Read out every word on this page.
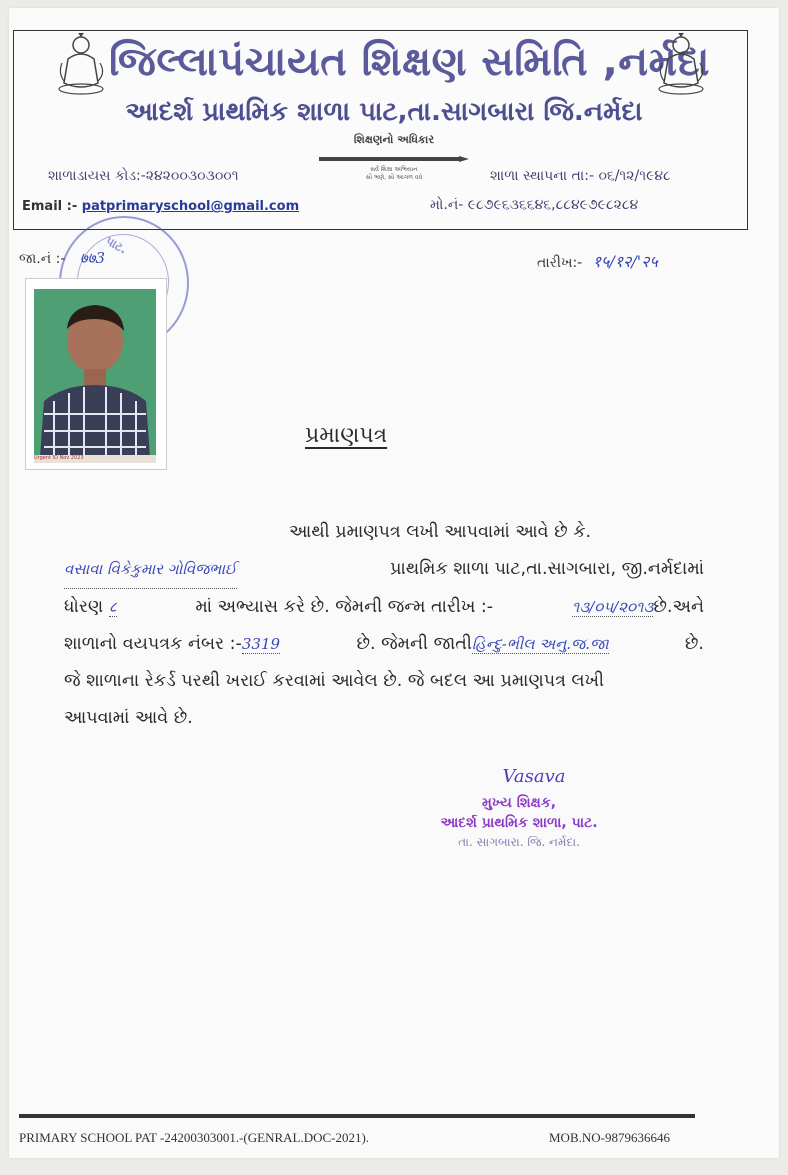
જિલ્લાપંચાયત શિક્ષણ સમિતિ ,નર્મદા
આદર્શ પ્રાથમિક શાળા પાટ,તા.સાગબારા જિ.નર્મદા
શિક્ષણનો અધિકાર
સર્વ શિક્ષા અભિયાન
સૌ ભણે, સૌ આગળ વધે
શાળાડાયસ કોડ:-૨૪૨૦૦૩૦૩૦૦૧	શાળા સ્થાપના તા:- ૦૬/૧૨/૧૯૪૮
Email :- patprimaryschool@gmail.com	મો.નં- ૯૮૭૯૬૩૬૬૪૬,૮૮૪૯૭૯૮૨૮૪
પાટ.
જા.નં :- ७७3	તારીખ:- १५/१२/'२५
Urgent ID Nov 2023
પ્રમાણપત્ર
આથી પ્રમાણપત્ર લખી આપવામાં આવે છે કે.
વસાવા વિકેકુમાર ગોવિજભાઈ	પ્રાથમિક શાળા પાટ,તા.સાગબારા, જી.નર્મદામાં
ધોરણ ८	માં અભ્યાસ કરે છે. જેમની જન્મ તારીખ :-	૧૩/૦૫/૨૦૧૩છે.અને
શાળાનો વયપત્રક નંબર :-3319	છે. જેમની જાતીહિન્દુ-ભીલ અનુ.જ.જા	છે.
જે શાળાના રેકર્ડ પરથી ખરાઈ કરવામાં આવેલ છે. જે બદલ આ પ્રમાણપત્ર લખી
આપવામાં આવે છે.
Vasava
મુખ્ય શિક્ષક,
આદર્શ પ્રાથમિક શાળા, પાટ.
તા. સાગબારા. જિ. નર્મદા.
PRIMARY SCHOOL PAT -24200303001.-(GENRAL.DOC-2021).	MOB.NO-9879636646
